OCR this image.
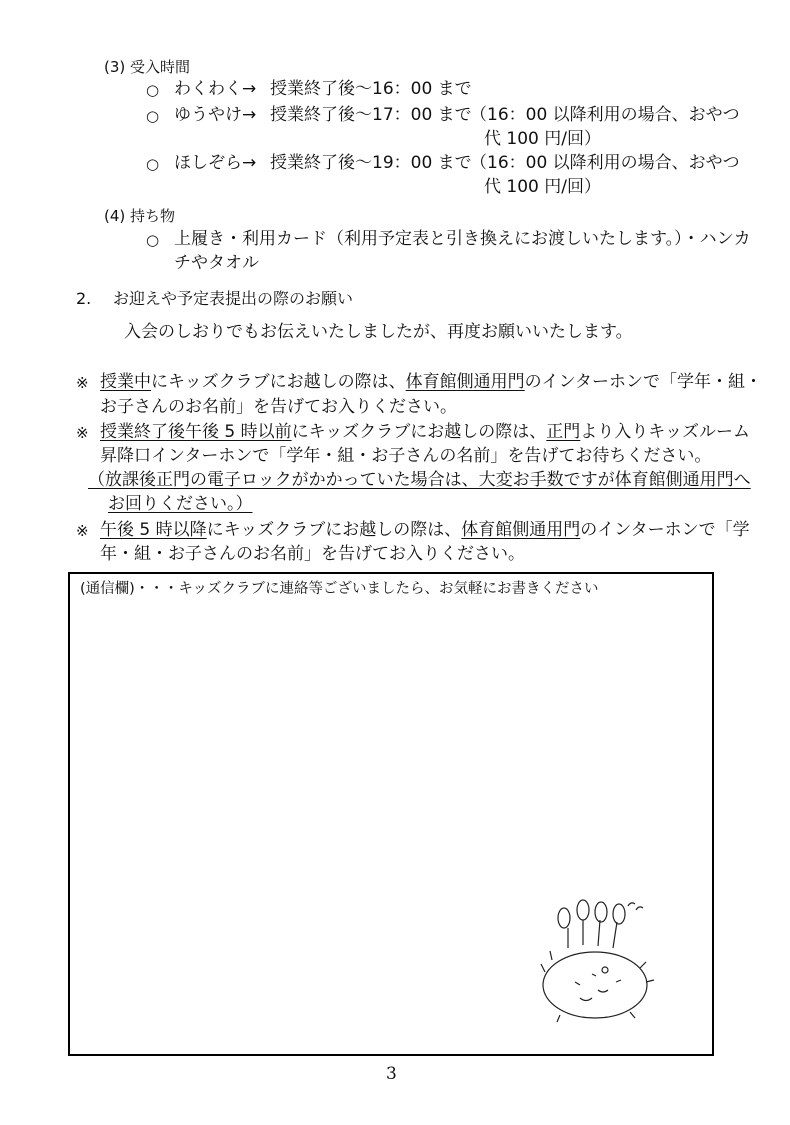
(3) 受入時間
○ わくわく→ 授業終了後〜16：00 まで
○ ゆうやけ→ 授業終了後〜17：00 まで
（16：00 以降利用の場合、おやつ
代 100 円/回）
○ ほしぞら→ 授業終了後〜19：00 まで
（16：00 以降利用の場合、おやつ
代 100 円/回）
(4) 持ち物
○ 上履き・利用カード（利用予定表と引き換えにお渡しいたします。）・ハンカ
チやタオル
2. お迎えや予定表提出の際のお願い
入会のしおりでもお伝えいたしましたが、再度お願いいたします。
※ 授業中にキッズクラブにお越しの際は、体育館側通用門のインターホンで「学年・組・
お子さんのお名前」を告げてお入りください。
※ 授業終了後午後 5 時以前にキッズクラブにお越しの際は、正門より入りキッズルーム
昇降口インターホンで「学年・組・お子さんの名前」を告げてお待ちください。
（放課後正門の電子ロックがかかっていた場合は、大変お手数ですが体育館側通用門へ
お回りください。）
※ 午後 5 時以降にキッズクラブにお越しの際は、体育館側通用門のインターホンで「学
年・組・お子さんのお名前」を告げてお入りください。
(通信欄)・・・キッズクラブに連絡等ございましたら、お気軽にお書きください
3
